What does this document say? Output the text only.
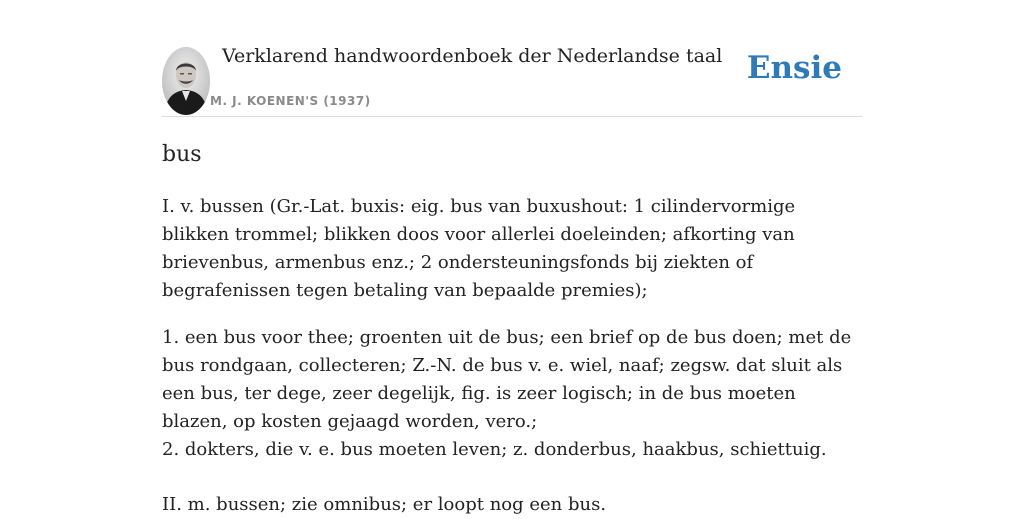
Verklarend handwoordenboek der Nederlandse taal
M. J. KOENEN'S (1937)
Ensie
bus

I. v. bussen (Gr.-Lat. buxis: eig. bus van buxushout: 1 cilindervormige blikken trommel; blikken doos voor allerlei doeleinden; afkorting van brievenbus, armenbus enz.; 2 ondersteuningsfonds bij ziekten of begrafenissen tegen betaling van bepaalde premies);

1. een bus voor thee; groenten uit de bus; een brief op de bus doen; met de bus rondgaan, collecteren; Z.-N. de bus v. e. wiel, naaf; zegsw. dat sluit als een bus, ter dege, zeer degelijk, fig. is zeer logisch; in de bus moeten blazen, op kosten gejaagd worden, vero.;
2. dokters, die v. e. bus moeten leven; z. donderbus, haakbus, schiettuig.

II. m. bussen; zie omnibus; er loopt nog een bus.
